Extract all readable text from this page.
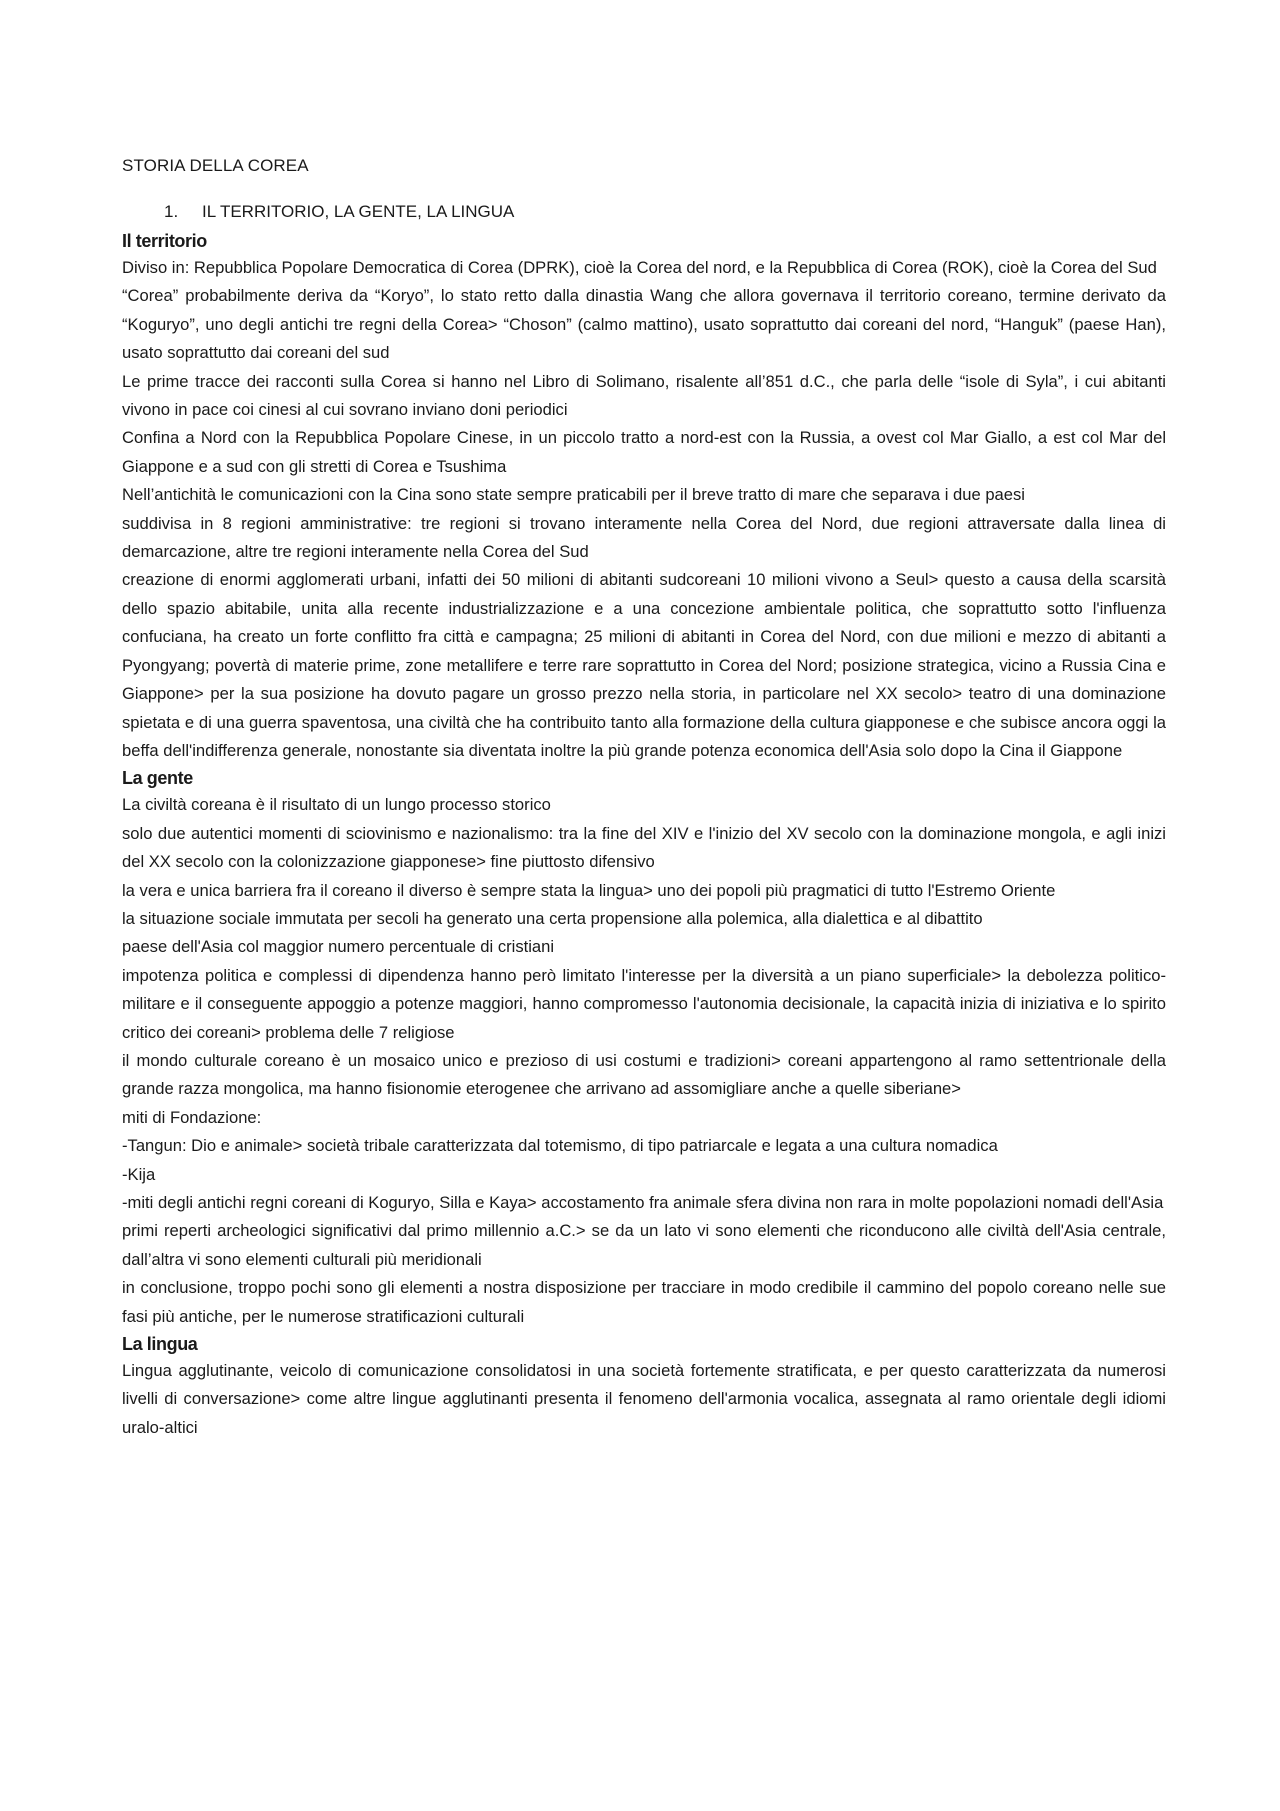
STORIA DELLA COREA
1.	IL TERRITORIO, LA GENTE, LA LINGUA
Il territorio

Diviso in: Repubblica Popolare Democratica di Corea (DPRK), cioè la Corea del nord, e la Repubblica di Corea (ROK), cioè la Corea del Sud

“Corea” probabilmente deriva da “Koryo”, lo stato retto dalla dinastia Wang che allora governava il territorio coreano, termine derivato da “Koguryo”, uno degli antichi tre regni della Corea> “Choson” (calmo mattino), usato soprattutto dai coreani del nord, “Hanguk” (paese Han), usato soprattutto dai coreani del sud

Le prime tracce dei racconti sulla Corea si hanno nel Libro di Solimano, risalente all’851 d.C., che parla delle “isole di Syla”, i cui abitanti vivono in pace coi cinesi al cui sovrano inviano doni periodici

Confina a Nord con la Repubblica Popolare Cinese, in un piccolo tratto a nord-est con la Russia, a ovest col Mar Giallo, a est col Mar del Giappone e a sud con gli stretti di Corea e Tsushima

Nell’antichità le comunicazioni con la Cina sono state sempre praticabili per il breve tratto di mare che separava i due paesi

suddivisa in 8 regioni amministrative: tre regioni si trovano interamente nella Corea del Nord, due regioni attraversate dalla linea di demarcazione, altre tre regioni interamente nella Corea del Sud

creazione di enormi agglomerati urbani, infatti dei 50 milioni di abitanti sudcoreani 10 milioni vivono a Seul> questo a causa della scarsità dello spazio abitabile, unita alla recente industrializzazione e a una concezione ambientale politica, che soprattutto sotto l'influenza confuciana, ha creato un forte conflitto fra città e campagna; 25 milioni di abitanti in Corea del Nord, con due milioni e mezzo di abitanti a Pyongyang; povertà di materie prime, zone metallifere e terre rare soprattutto in Corea del Nord; posizione strategica, vicino a Russia Cina e Giappone> per la sua posizione ha dovuto pagare un grosso prezzo nella storia, in particolare nel XX secolo> teatro di una dominazione spietata e di una guerra spaventosa, una civiltà che ha contribuito tanto alla formazione della cultura giapponese e che subisce ancora oggi la beffa dell'indifferenza generale, nonostante sia diventata inoltre la più grande potenza economica dell'Asia solo dopo la Cina il Giappone

La gente

La civiltà coreana è il risultato di un lungo processo storico

solo due autentici momenti di sciovinismo e nazionalismo: tra la fine del XIV e l'inizio del XV secolo con la dominazione mongola, e agli inizi del XX secolo con la colonizzazione giapponese> fine piuttosto difensivo

la vera e unica barriera fra il coreano il diverso è sempre stata la lingua> uno dei popoli più pragmatici di tutto l'Estremo Oriente

la situazione sociale immutata per secoli ha generato una certa propensione alla polemica, alla dialettica e al dibattito

paese dell'Asia col maggior numero percentuale di cristiani

impotenza politica e complessi di dipendenza hanno però limitato l'interesse per la diversità a un piano superficiale> la debolezza politico-militare e il conseguente appoggio a potenze maggiori, hanno compromesso l'autonomia decisionale, la capacità inizia di iniziativa e lo spirito critico dei coreani> problema delle 7 religiose

il mondo culturale coreano è un mosaico unico e prezioso di usi costumi e tradizioni> coreani appartengono al ramo settentrionale della grande razza mongolica, ma hanno fisionomie eterogenee che arrivano ad assomigliare anche a quelle siberiane>

miti di Fondazione:

-Tangun: Dio e animale> società tribale caratterizzata dal totemismo, di tipo patriarcale e legata a una cultura nomadica

-Kija

-miti degli antichi regni coreani di Koguryo, Silla e Kaya> accostamento fra animale sfera divina non rara in molte popolazioni nomadi dell'Asia

primi reperti archeologici significativi dal primo millennio a.C.> se da un lato vi sono elementi che riconducono alle civiltà dell'Asia centrale, dall’altra vi sono elementi culturali più meridionali

in conclusione, troppo pochi sono gli elementi a nostra disposizione per tracciare in modo credibile il cammino del popolo coreano nelle sue fasi più antiche, per le numerose stratificazioni culturali

La lingua

Lingua agglutinante, veicolo di comunicazione consolidatosi in una società fortemente stratificata, e per questo caratterizzata da numerosi livelli di conversazione> come altre lingue agglutinanti presenta il fenomeno dell'armonia vocalica, assegnata al ramo orientale degli idiomi uralo-altici
